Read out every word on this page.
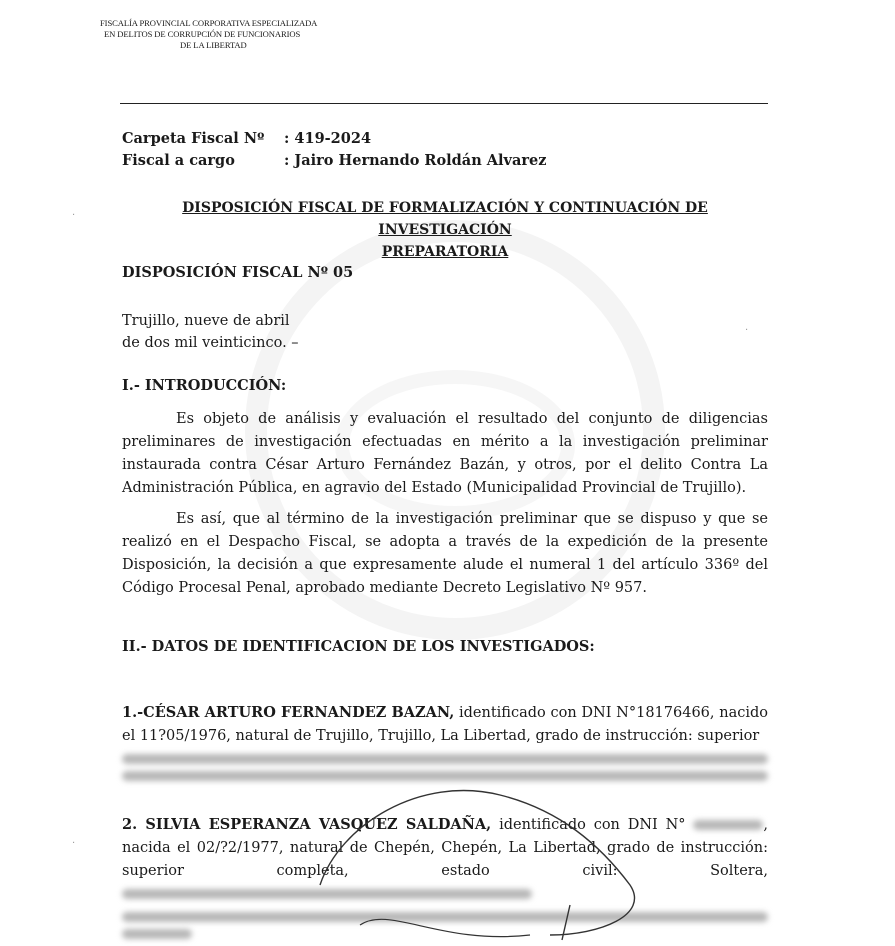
FISCALÍA PROVINCIAL CORPORATIVA ESPECIALIZADA
EN DELITOS DE CORRUPCIÓN DE FUNCIONARIOS
DE LA LIBERTAD
Carpeta Fiscal Nº	: 419-2024
Fiscal a cargo	: Jairo Hernando Roldán Alvarez
DISPOSICIÓN FISCAL DE FORMALIZACIÓN Y CONTINUACIÓN DE INVESTIGACIÓN
PREPARATORIA
DISPOSICIÓN FISCAL Nº 05
Trujillo, nueve de abril
de dos mil veinticinco. –
I.- INTRODUCCIÓN:
Es objeto de análisis y evaluación el resultado del conjunto de diligencias preliminares de investigación efectuadas en mérito a la investigación preliminar instaurada contra César Arturo Fernández Bazán, y otros, por el delito Contra La Administración Pública, en agravio del Estado (Municipalidad Provincial de Trujillo).
Es así, que al término de la investigación preliminar que se dispuso y que se realizó en el Despacho Fiscal, se adopta a través de la expedición de la presente Disposición, la decisión a que expresamente alude el numeral 1 del artículo 336º del Código Procesal Penal, aprobado mediante Decreto Legislativo Nº 957.
II.- DATOS DE IDENTIFICACION DE LOS INVESTIGADOS:
1.-CÉSAR ARTURO FERNANDEZ BAZAN, identificado con DNI N°18176466, nacido el 11?05/1976, natural de Trujillo, Trujillo, La Libertad, grado de instrucción: superior
2. SILVIA ESPERANZA VASQUEZ SALDAÑA, identificado con DNI N°	, nacida el 02/?2/1977, natural de Chepén, Chepén, La Libertad, grado de instrucción: superior completa, estado civil: Soltera,
·
·
·
